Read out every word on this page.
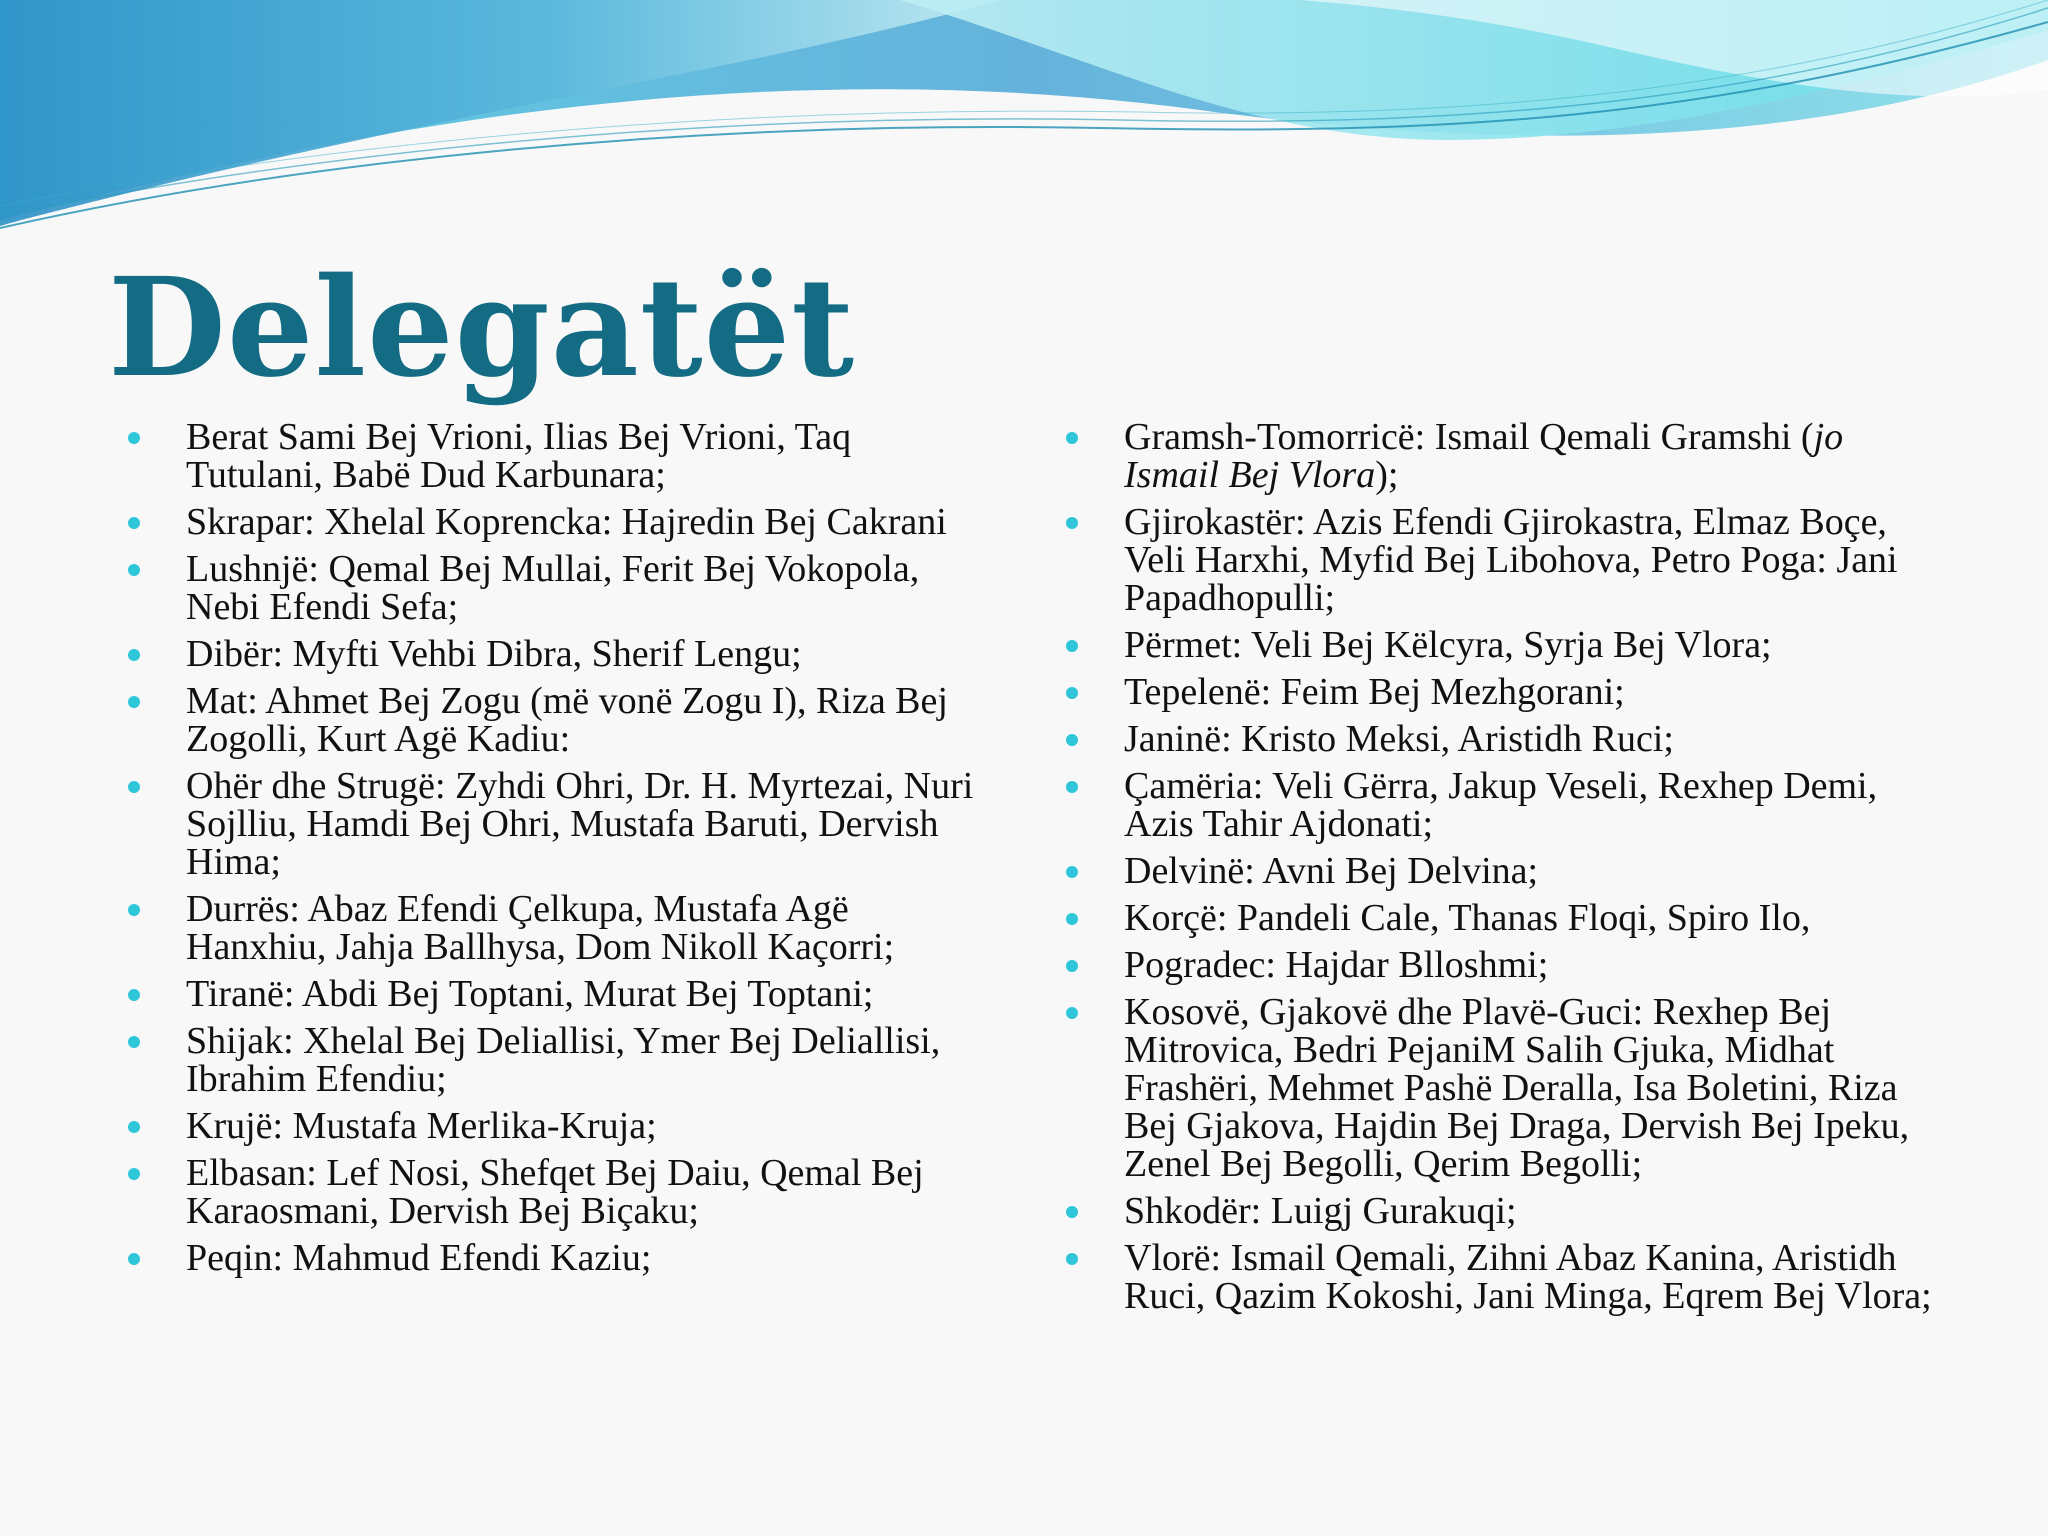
Delegatët
Berat Sami Bej Vrioni, Ilias Bej Vrioni, Taq Tutulani, Babë Dud Karbunara;
Skrapar: Xhelal Koprencka: Hajredin Bej Cakrani
Lushnjë: Qemal Bej Mullai, Ferit Bej Vokopola, Nebi Efendi Sefa;
Dibër: Myfti Vehbi Dibra, Sherif Lengu;
Mat: Ahmet Bej Zogu (më vonë Zogu I), Riza Bej Zogolli, Kurt Agë Kadiu:
Ohër dhe Strugë: Zyhdi Ohri, Dr. H. Myrtezai, Nuri Sojlliu, Hamdi Bej Ohri, Mustafa Baruti, Dervish Hima;
Durrës: Abaz Efendi Çelkupa, Mustafa Agë Hanxhiu, Jahja Ballhysa, Dom Nikoll Kaçorri;
Tiranë: Abdi Bej Toptani, Murat Bej Toptani;
Shijak: Xhelal Bej Deliallisi, Ymer Bej Deliallisi, Ibrahim Efendiu;
Krujë: Mustafa Merlika-Kruja;
Elbasan: Lef Nosi, Shefqet Bej Daiu, Qemal Bej Karaosmani, Dervish Bej Biçaku;
Peqin: Mahmud Efendi Kaziu;
Gramsh-Tomorricë: Ismail Qemali Gramshi (jo Ismail Bej Vlora);
Gjirokastër: Azis Efendi Gjirokastra, Elmaz Boçe, Veli Harxhi, Myfid Bej Libohova, Petro Poga: Jani Papadhopulli;
Përmet: Veli Bej Këlcyra, Syrja Bej Vlora;
Tepelenë: Feim Bej Mezhgorani;
Janinë: Kristo Meksi, Aristidh Ruci;
Çamëria: Veli Gërra, Jakup Veseli, Rexhep Demi, Azis Tahir Ajdonati;
Delvinë: Avni Bej Delvina;
Korçë: Pandeli Cale, Thanas Floqi, Spiro Ilo,
Pogradec: Hajdar Blloshmi;
Kosovë, Gjakovë dhe Plavë-Guci: Rexhep Bej Mitrovica, Bedri PejaniM Salih Gjuka, Midhat Frashëri, Mehmet Pashë Deralla, Isa Boletini, Riza Bej Gjakova, Hajdin Bej Draga, Dervish Bej Ipeku, Zenel Bej Begolli, Qerim Begolli;
Shkodër: Luigj Gurakuqi;
Vlorë: Ismail Qemali, Zihni Abaz Kanina, Aristidh Ruci, Qazim Kokoshi, Jani Minga, Eqrem Bej Vlora;
